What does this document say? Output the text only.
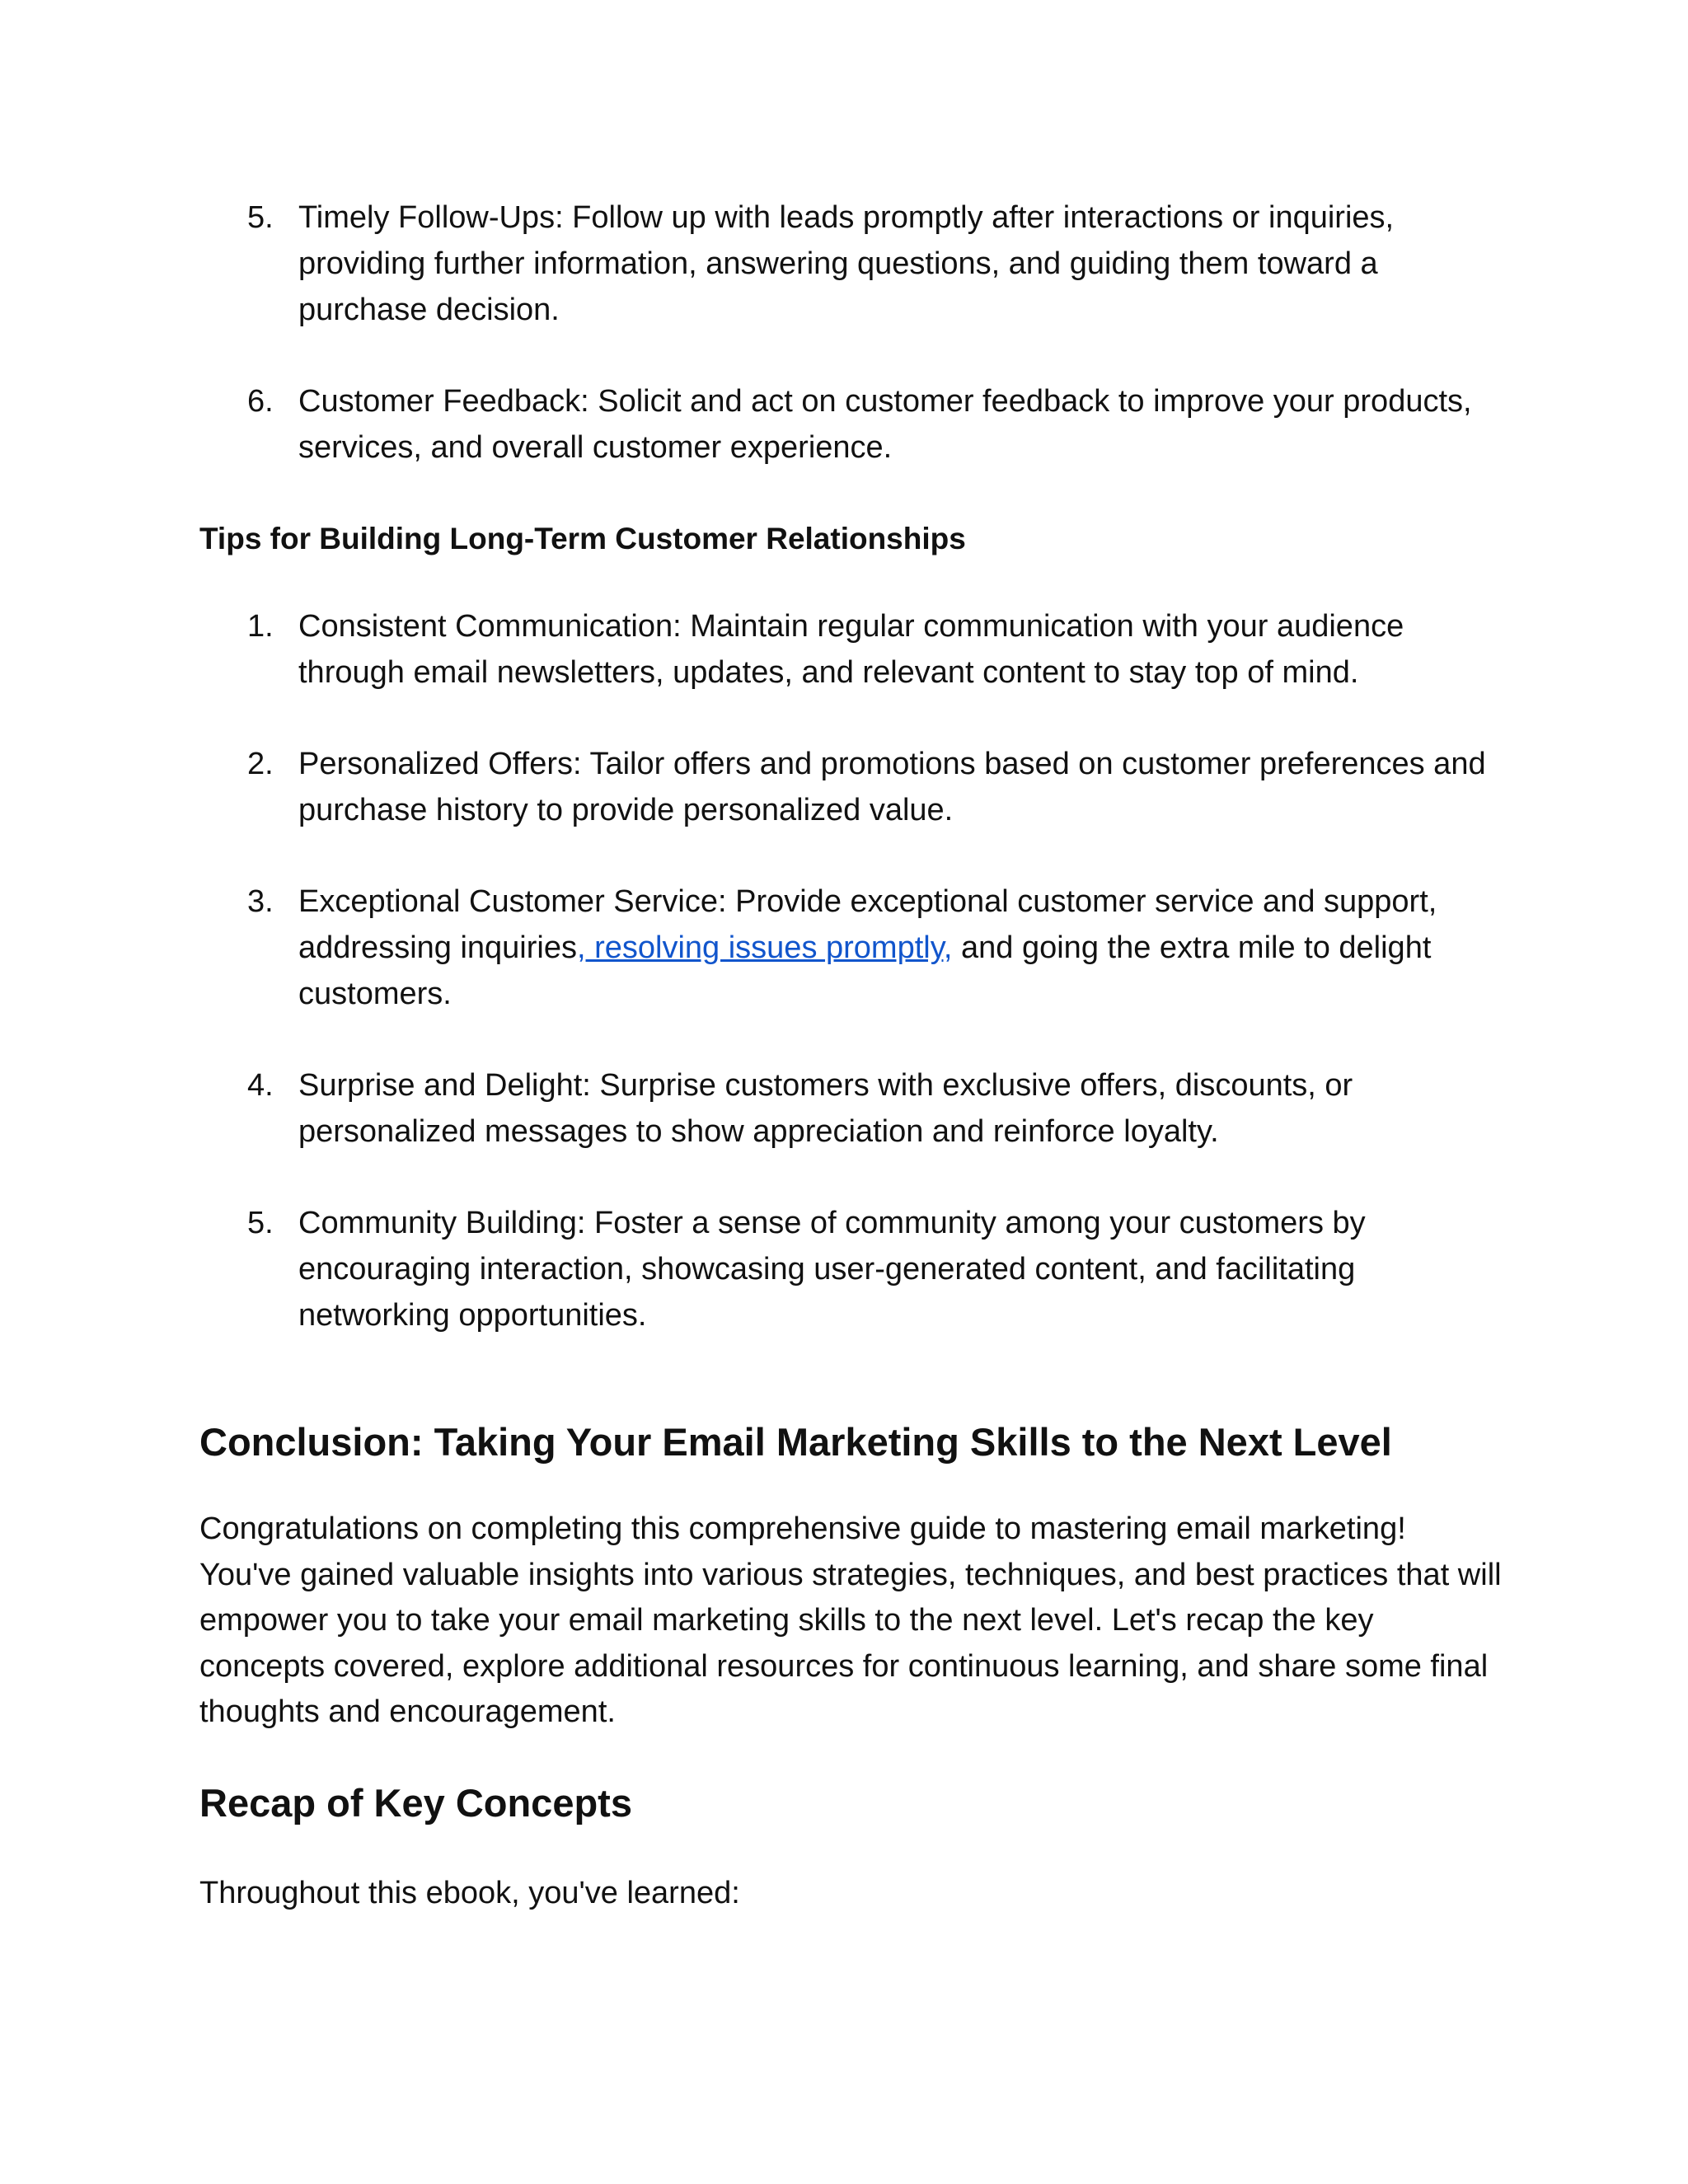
5. Timely Follow-Ups: Follow up with leads promptly after interactions or inquiries, providing further information, answering questions, and guiding them toward a purchase decision.
6. Customer Feedback: Solicit and act on customer feedback to improve your products, services, and overall customer experience.
Tips for Building Long-Term Customer Relationships
1. Consistent Communication: Maintain regular communication with your audience through email newsletters, updates, and relevant content to stay top of mind.
2. Personalized Offers: Tailor offers and promotions based on customer preferences and purchase history to provide personalized value.
3. Exceptional Customer Service: Provide exceptional customer service and support, addressing inquiries, resolving issues promptly, and going the extra mile to delight customers.
4. Surprise and Delight: Surprise customers with exclusive offers, discounts, or personalized messages to show appreciation and reinforce loyalty.
5. Community Building: Foster a sense of community among your customers by encouraging interaction, showcasing user-generated content, and facilitating networking opportunities.
Conclusion: Taking Your Email Marketing Skills to the Next Level

Congratulations on completing this comprehensive guide to mastering email marketing! You've gained valuable insights into various strategies, techniques, and best practices that will empower you to take your email marketing skills to the next level. Let's recap the key concepts covered, explore additional resources for continuous learning, and share some final thoughts and encouragement.

Recap of Key Concepts

Throughout this ebook, you've learned:
